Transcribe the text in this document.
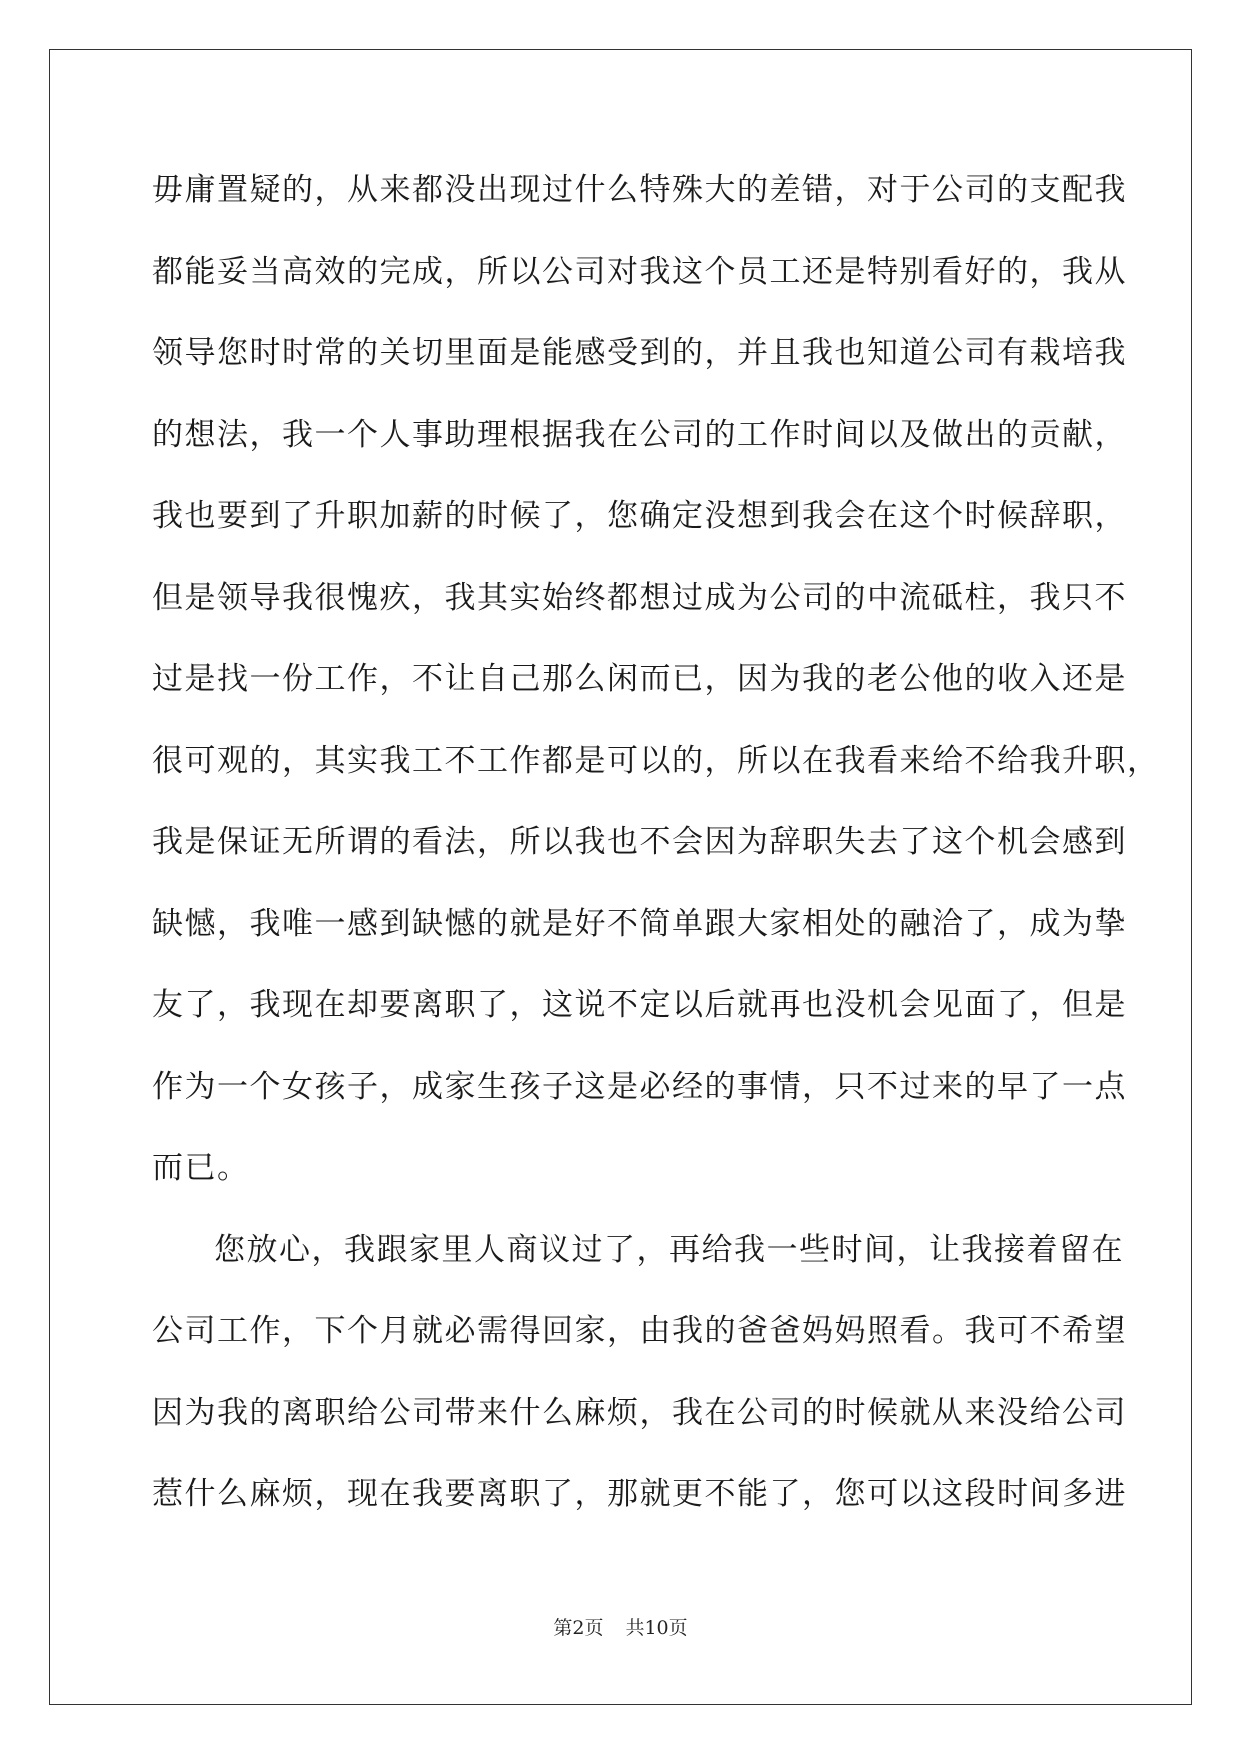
毋庸置疑的，从来都没出现过什么特殊大的差错，对于公司的支配我
都能妥当高效的完成，所以公司对我这个员工还是特别看好的，我从
领导您时时常的关切里面是能感受到的，并且我也知道公司有栽培我
的想法，我一个人事助理根据我在公司的工作时间以及做出的贡献，
我也要到了升职加薪的时候了，您确定没想到我会在这个时候辞职，
但是领导我很愧疚，我其实始终都想过成为公司的中流砥柱，我只不
过是找一份工作，不让自己那么闲而已，因为我的老公他的收入还是
很可观的，其实我工不工作都是可以的，所以在我看来给不给我升职，
我是保证无所谓的看法，所以我也不会因为辞职失去了这个机会感到
缺憾，我唯一感到缺憾的就是好不简单跟大家相处的融洽了，成为挚
友了，我现在却要离职了，这说不定以后就再也没机会见面了，但是
作为一个女孩子，成家生孩子这是必经的事情，只不过来的早了一点
而已。
您放心，我跟家里人商议过了，再给我一些时间，让我接着留在
公司工作，下个月就必需得回家，由我的爸爸妈妈照看。我可不希望
因为我的离职给公司带来什么麻烦，我在公司的时候就从来没给公司
惹什么麻烦，现在我要离职了，那就更不能了，您可以这段时间多进
第2页 共10页
